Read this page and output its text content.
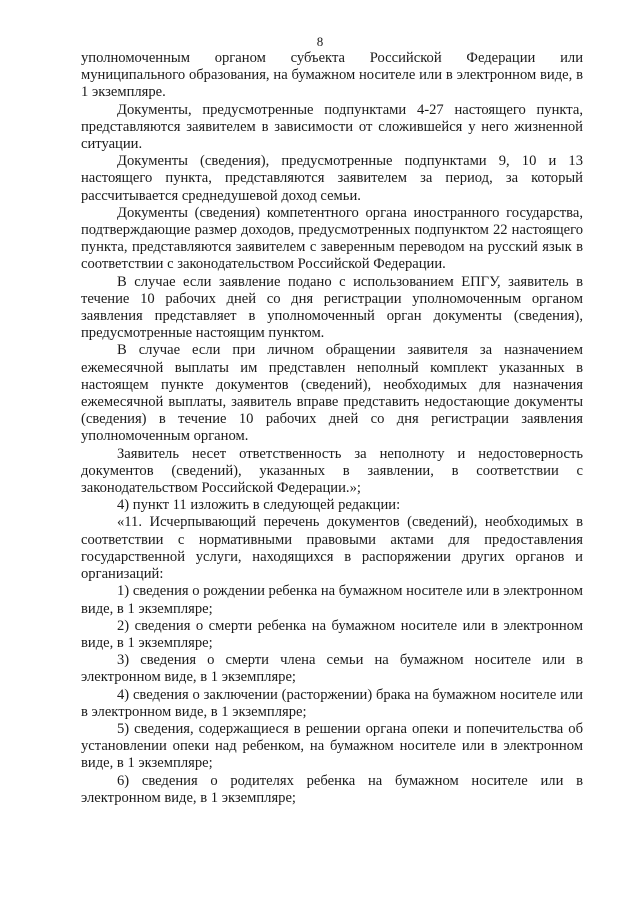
8

уполномоченным органом субъекта Российской Федерации или муниципального образования, на бумажном носителе или в электронном виде, в 1 экземпляре.

Документы, предусмотренные подпунктами 4-27 настоящего пункта, представляются заявителем в зависимости от сложившейся у него жизненной ситуации.

Документы (сведения), предусмотренные подпунктами 9, 10 и 13 настоящего пункта, представляются заявителем за период, за который рассчитывается среднедушевой доход семьи.

Документы (сведения) компетентного органа иностранного государства, подтверждающие размер доходов, предусмотренных подпунктом 22 настоящего пункта, представляются заявителем с заверенным переводом на русский язык в соответствии с законодательством Российской Федерации.

В случае если заявление подано с использованием ЕПГУ, заявитель в течение 10 рабочих дней со дня регистрации уполномоченным органом заявления представляет в уполномоченный орган документы (сведения), предусмотренные настоящим пунктом.

В случае если при личном обращении заявителя за назначением ежемесячной выплаты им представлен неполный комплект указанных в настоящем пункте документов (сведений), необходимых для назначения ежемесячной выплаты, заявитель вправе представить недостающие документы (сведения) в течение 10 рабочих дней со дня регистрации заявления уполномоченным органом.

Заявитель несет ответственность за неполноту и недостоверность документов (сведений), указанных в заявлении, в соответствии с законодательством Российской Федерации.»;

4) пункт 11 изложить в следующей редакции:

«11. Исчерпывающий перечень документов (сведений), необходимых в соответствии с нормативными правовыми актами для предоставления государственной услуги, находящихся в распоряжении других органов и организаций:

1) сведения о рождении ребенка на бумажном носителе или в электронном виде, в 1 экземпляре;

2) сведения о смерти ребенка на бумажном носителе или в электронном виде, в 1 экземпляре;

3) сведения о смерти члена семьи на бумажном носителе или в электронном виде, в 1 экземпляре;

4) сведения о заключении (расторжении) брака на бумажном носителе или в электронном виде, в 1 экземпляре;

5) сведения, содержащиеся в решении органа опеки и попечительства об установлении опеки над ребенком, на бумажном носителе или в электронном виде, в 1 экземпляре;

6) сведения о родителях ребенка на бумажном носителе или в электронном виде, в 1 экземпляре;
